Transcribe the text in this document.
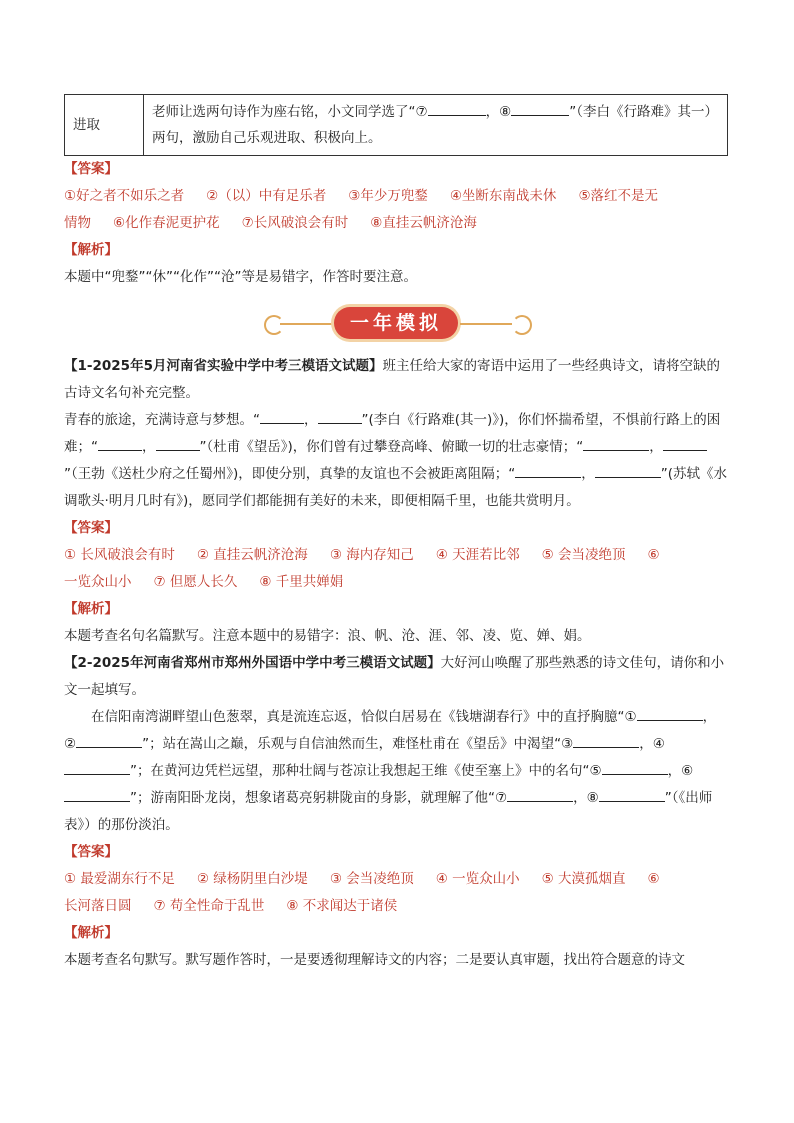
进取	老师让选两句诗作为座右铭，小文同学选了“⑦	，⑧	”（李白《行路难》其一）两句，激励自己乐观进取、积极向上。

【答案】

①好之者不如乐之者 ②（以）中有足乐者 ③年少万兜鍪 ④坐断东南战未休 ⑤落红不是无

情物 ⑥化作春泥更护花 ⑦长风破浪会有时 ⑧直挂云帆济沧海

【解析】

本题中“兜鍪”“休”“化作”“沧”等是易错字，作答时要注意。

一年模拟

【1-2025年5月河南省实验中学中考三模语文试题】班主任给大家的寄语中运用了一些经典诗文，请将空缺的古诗文名句补充完整。

青春的旅途，充满诗意与梦想。“	，	”(李白《行路难(其一)》)，你们怀揣希望，不惧前行路上的困难；“	，	”（杜甫《望岳》)，你们曾有过攀登高峰、俯瞰一切的壮志豪情；“	，”（王勃《送杜少府之任蜀州》)，即使分别，真挚的友谊也不会被距离阻隔；“	，	”(苏轼《水调歌头·明月几时有》)，愿同学们都能拥有美好的未来，即便相隔千里，也能共赏明月。

【答案】

① 长风破浪会有时 ② 直挂云帆济沧海 ③ 海内存知己 ④ 天涯若比邻 ⑤ 会当凌绝顶 ⑥

一览众山小 ⑦ 但愿人长久 ⑧ 千里共婵娟

【解析】

本题考查名句名篇默写。注意本题中的易错字：浪、帆、沧、涯、邻、凌、览、婵、娟。

【2-2025年河南省郑州市郑州外国语中学中考三模语文试题】大好河山唤醒了那些熟悉的诗文佳句，请你和小文一起填写。

在信阳南湾湖畔望山色葱翠，真是流连忘返，恰似白居易在《钱塘湖春行》中的直抒胸臆“①	，②	”；站在嵩山之巅，乐观与自信油然而生，难怪杜甫在《望岳》中渴望“③	，④”；在黄河边凭栏远望，那种壮阔与苍凉让我想起王维《使至塞上》中的名句“⑤	，⑥”；游南阳卧龙岗，想象诸葛亮躬耕陇亩的身影，就理解了他“⑦	，⑧	”（《出师表》）的那份淡泊。

【答案】

① 最爱湖东行不足 ② 绿杨阴里白沙堤 ③ 会当凌绝顶 ④ 一览众山小 ⑤ 大漠孤烟直 ⑥

长河落日圆 ⑦ 苟全性命于乱世 ⑧ 不求闻达于诸侯

【解析】

本题考查名句默写。默写题作答时，一是要透彻理解诗文的内容；二是要认真审题，找出符合题意的诗文
